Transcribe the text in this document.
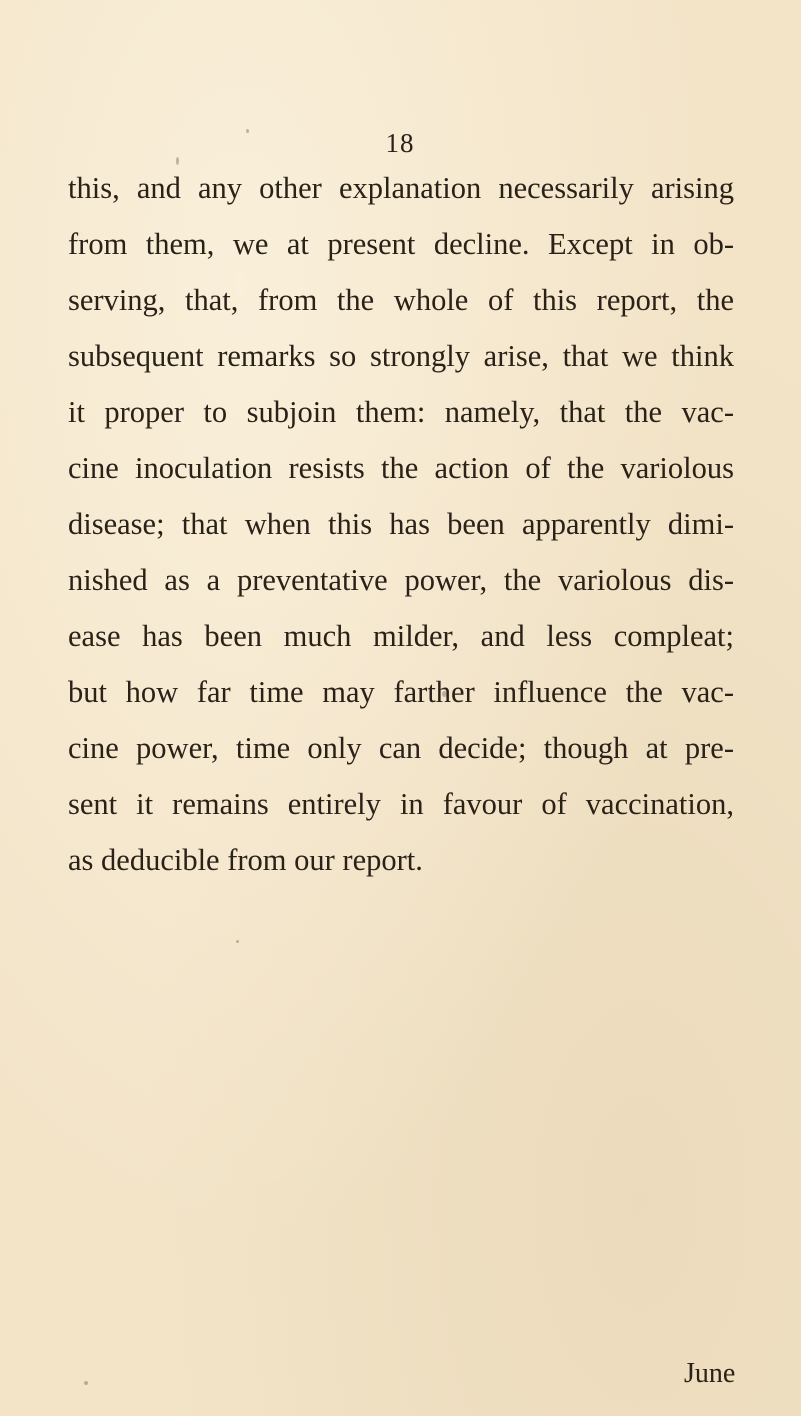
18
this, and any other explanation necessarily arising
from them, we at present decline. Except in ob-
serving, that, from the whole of this report, the
subsequent remarks so strongly arise, that we think
it proper to subjoin them: namely, that the vac-
cine inoculation resists the action of the variolous
disease; that when this has been apparently dimi-
nished as a preventative power, the variolous dis-
ease has been much milder, and less compleat;
but how far time may farther influence the vac-
cine power, time only can decide; though at pre-
sent it remains entirely in favour of vaccination,
as deducible from our report.
June
